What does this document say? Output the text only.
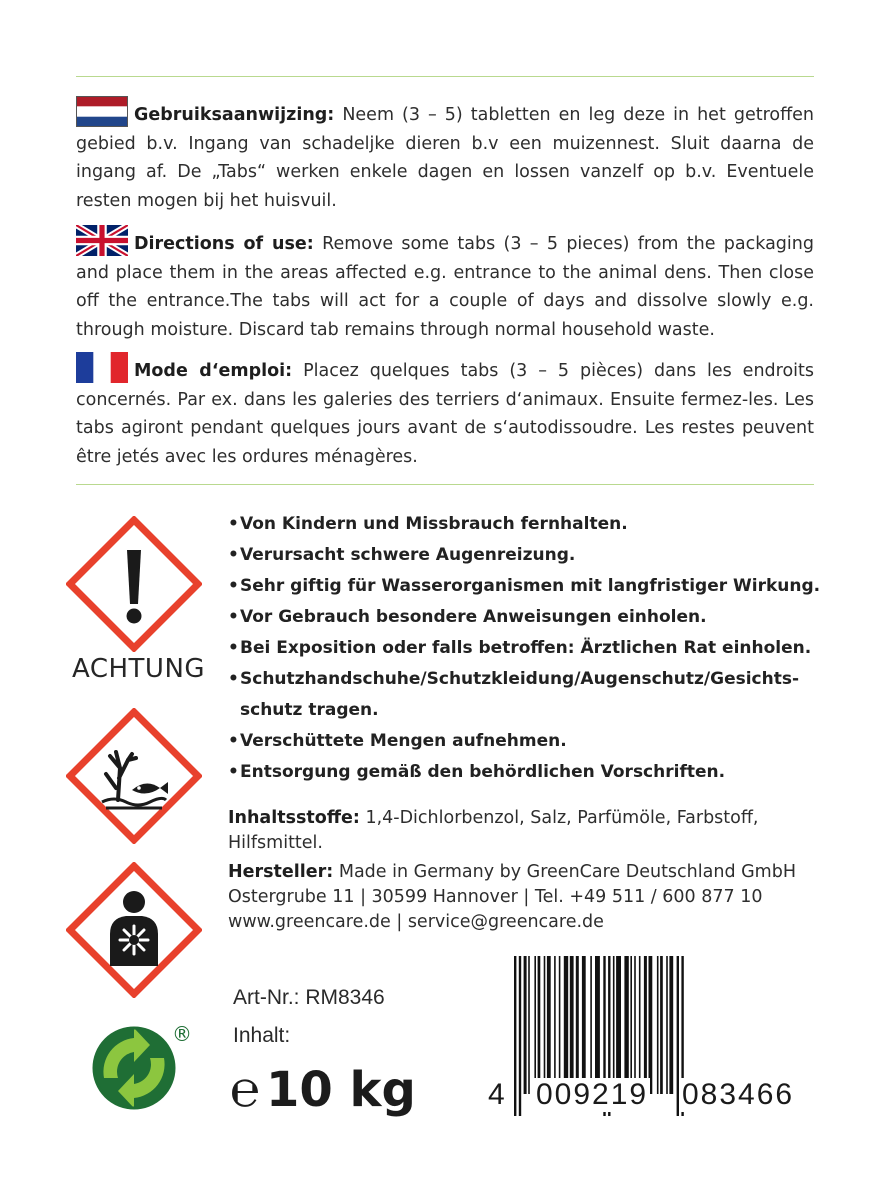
Gebruiksaanwijzing: Neem (3 – 5) tabletten en leg deze in het getroffen gebied b.v. Ingang van schadeljke dieren b.v een muizennest. Sluit daarna de ingang af. De „Tabs“ werken enkele dagen en lossen vanzelf op b.v. Eventuele resten mogen bij het huisvuil.
Directions of use: Remove some tabs (3 – 5 pieces) from the packaging and place them in the areas affected e.g. entrance to the animal dens. Then close off the entrance.The tabs will act for a couple of days and dissolve slowly e.g. through moisture. Discard tab remains through normal household waste.
Mode d‘emploi: Placez quelques tabs (3 – 5 pièces) dans les endroits concernés. Par ex. dans les galeries des terriers d‘animaux. Ensuite fermez-les. Les tabs agiront pendant quelques jours avant de s‘autodissoudre. Les restes peuvent être jetés avec les ordures ménagères.
ACHTUNG
•Von Kindern und Missbrauch fernhalten.
•Verursacht schwere Augenreizung.
•Sehr giftig für Wasserorganismen mit langfristiger Wirkung.
•Vor Gebrauch besondere Anweisungen einholen.
•Bei Exposition oder falls betroffen: Ärztlichen Rat einholen.
•Schutzhandschuhe/Schutzkleidung/Augenschutz/Gesichts-
schutz tragen.
•Verschüttete Mengen aufnehmen.
•Entsorgung gemäß den behördlichen Vorschriften.
Inhaltsstoffe: 1,4-Dichlorbenzol, Salz, Parfümöle, Farbstoff, Hilfsmittel.
Hersteller: Made in Germany by GreenCare Deutschland GmbH
Ostergrube 11 | 30599 Hannover | Tel. +49 511 / 600 877 10
www.greencare.de | service@greencare.de
Art-Nr.: RM8346
Inhalt:
℮ 10 kg
®
4 009219 083466
